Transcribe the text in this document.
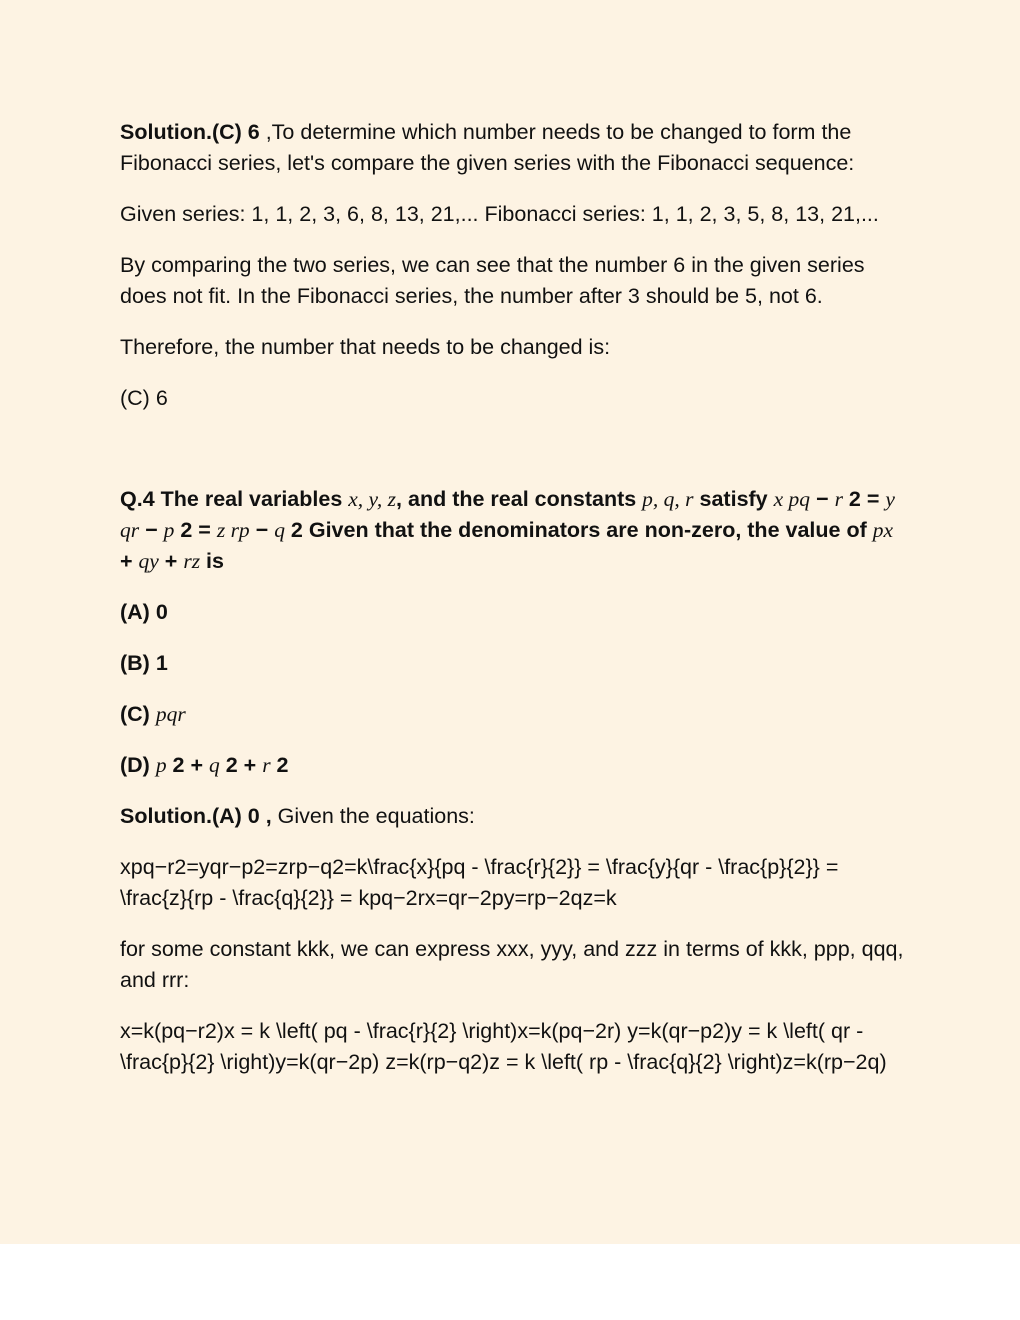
Solution.(C) 6 ,To determine which number needs to be changed to form the Fibonacci series, let's compare the given series with the Fibonacci sequence:

Given series: 1, 1, 2, 3, 6, 8, 13, 21,... Fibonacci series: 1, 1, 2, 3, 5, 8, 13, 21,...

By comparing the two series, we can see that the number 6 in the given series does not fit. In the Fibonacci series, the number after 3 should be 5, not 6.

Therefore, the number that needs to be changed is:

(C) 6

Q.4 The real variables x, y, z, and the real constants p, q, r satisfy x pq − r 2 = y qr − p 2 = z rp − q 2 Given that the denominators are non-zero, the value of px + qy + rz is

(A) 0

(B) 1

(C) pqr

(D) p 2 + q 2 + r 2

Solution.(A) 0 , Given the equations:

xpq−r2=yqr−p2=zrp−q2=k\frac{x}{pq - \frac{r}{2}} = \frac{y}{qr - \frac{p}{2}} = \frac{z}{rp - \frac{q}{2}} = kpq−2rx=qr−2py=rp−2qz=k

for some constant kkk, we can express xxx, yyy, and zzz in terms of kkk, ppp, qqq, and rrr:

x=k(pq−r2)x = k \left( pq - \frac{r}{2} \right)x=k(pq−2r) y=k(qr−p2)y = k \left( qr - \frac{p}{2} \right)y=k(qr−2p) z=k(rp−q2)z = k \left( rp - \frac{q}{2} \right)z=k(rp−2q)
